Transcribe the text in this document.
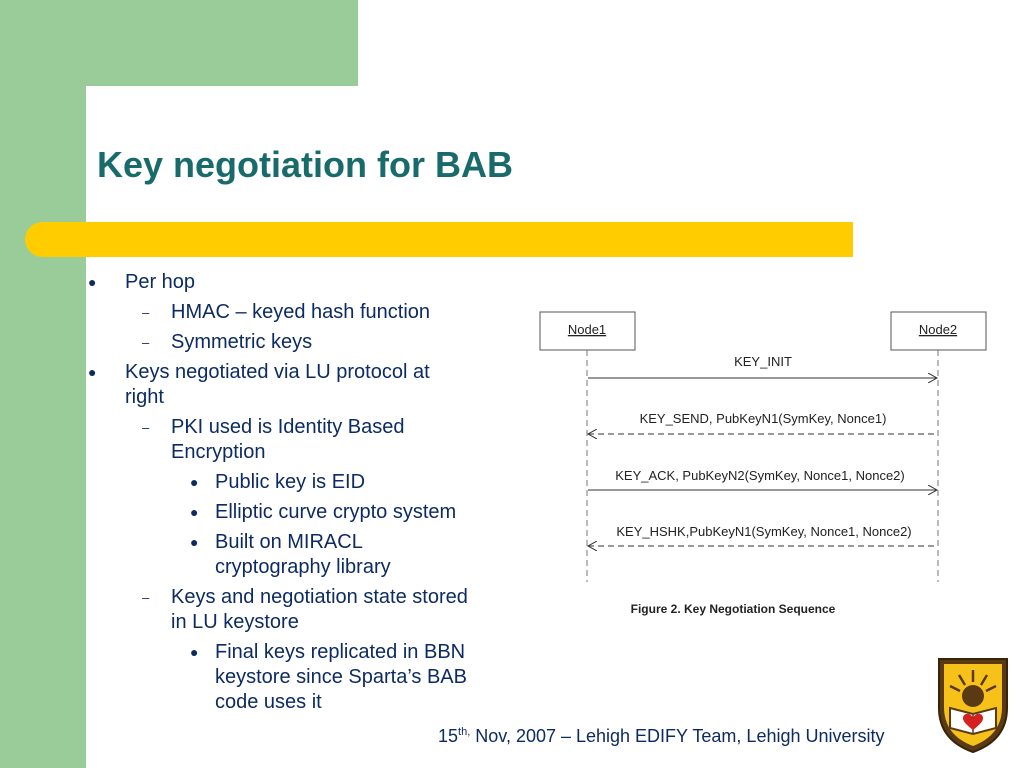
Key negotiation for BAB
● Per hop
– HMAC – keyed hash function
– Symmetric keys
● Keys negotiated via LU protocol at
right
– PKI used is Identity Based
Encryption
● Public key is EID
● Elliptic curve crypto system
● Built on MIRACL
cryptography library
– Keys and negotiation state stored
in LU keystore
● Final keys replicated in BBN
keystore since Sparta’s BAB
code uses it
Node1	Node2
KEY_INIT
KEY_SEND, PubKeyN1(SymKey, Nonce1)
KEY_ACK, PubKeyN2(SymKey, Nonce1, Nonce2)
KEY_HSHK,PubKeyN1(SymKey, Nonce1, Nonce2)
Figure 2. Key Negotiation Sequence
$15^{th,}$ Nov, 2007 – Lehigh EDIFY Team, Lehigh University
